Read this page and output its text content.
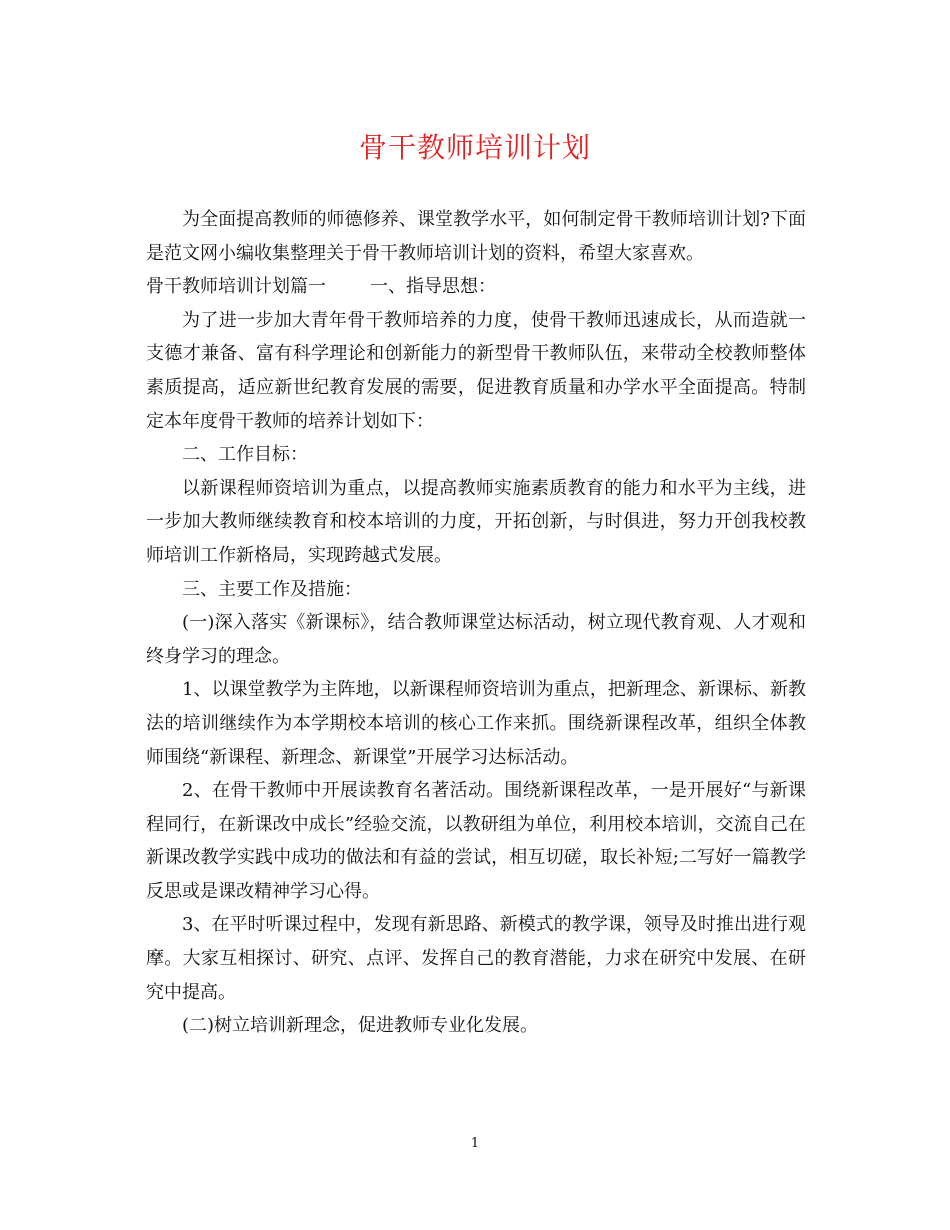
骨干教师培训计划

为全面提高教师的师德修养、课堂教学水平，如何制定骨干教师培训计划?下面是范文网小编收集整理关于骨干教师培训计划的资料，希望大家喜欢。

骨干教师培训计划篇一 一、指导思想：

为了进一步加大青年骨干教师培养的力度，使骨干教师迅速成长，从而造就一支德才兼备、富有科学理论和创新能力的新型骨干教师队伍，来带动全校教师整体素质提高，适应新世纪教育发展的需要，促进教育质量和办学水平全面提高。特制定本年度骨干教师的培养计划如下：

二、工作目标：

以新课程师资培训为重点，以提高教师实施素质教育的能力和水平为主线，进一步加大教师继续教育和校本培训的力度，开拓创新，与时俱进，努力开创我校教师培训工作新格局，实现跨越式发展。

三、主要工作及措施：

(一)深入落实《新课标》，结合教师课堂达标活动，树立现代教育观、人才观和终身学习的理念。

1、以课堂教学为主阵地，以新课程师资培训为重点，把新理念、新课标、新教法的培训继续作为本学期校本培训的核心工作来抓。围绕新课程改革，组织全体教师围绕“新课程、新理念、新课堂”开展学习达标活动。

2、在骨干教师中开展读教育名著活动。围绕新课程改革，一是开展好“与新课程同行，在新课改中成长”经验交流，以教研组为单位，利用校本培训，交流自己在新课改教学实践中成功的做法和有益的尝试，相互切磋，取长补短;二写好一篇教学反思或是课改精神学习心得。

3、在平时听课过程中，发现有新思路、新模式的教学课，领导及时推出进行观摩。大家互相探讨、研究、点评、发挥自己的教育潜能，力求在研究中发展、在研究中提高。

(二)树立培训新理念，促进教师专业化发展。

1
